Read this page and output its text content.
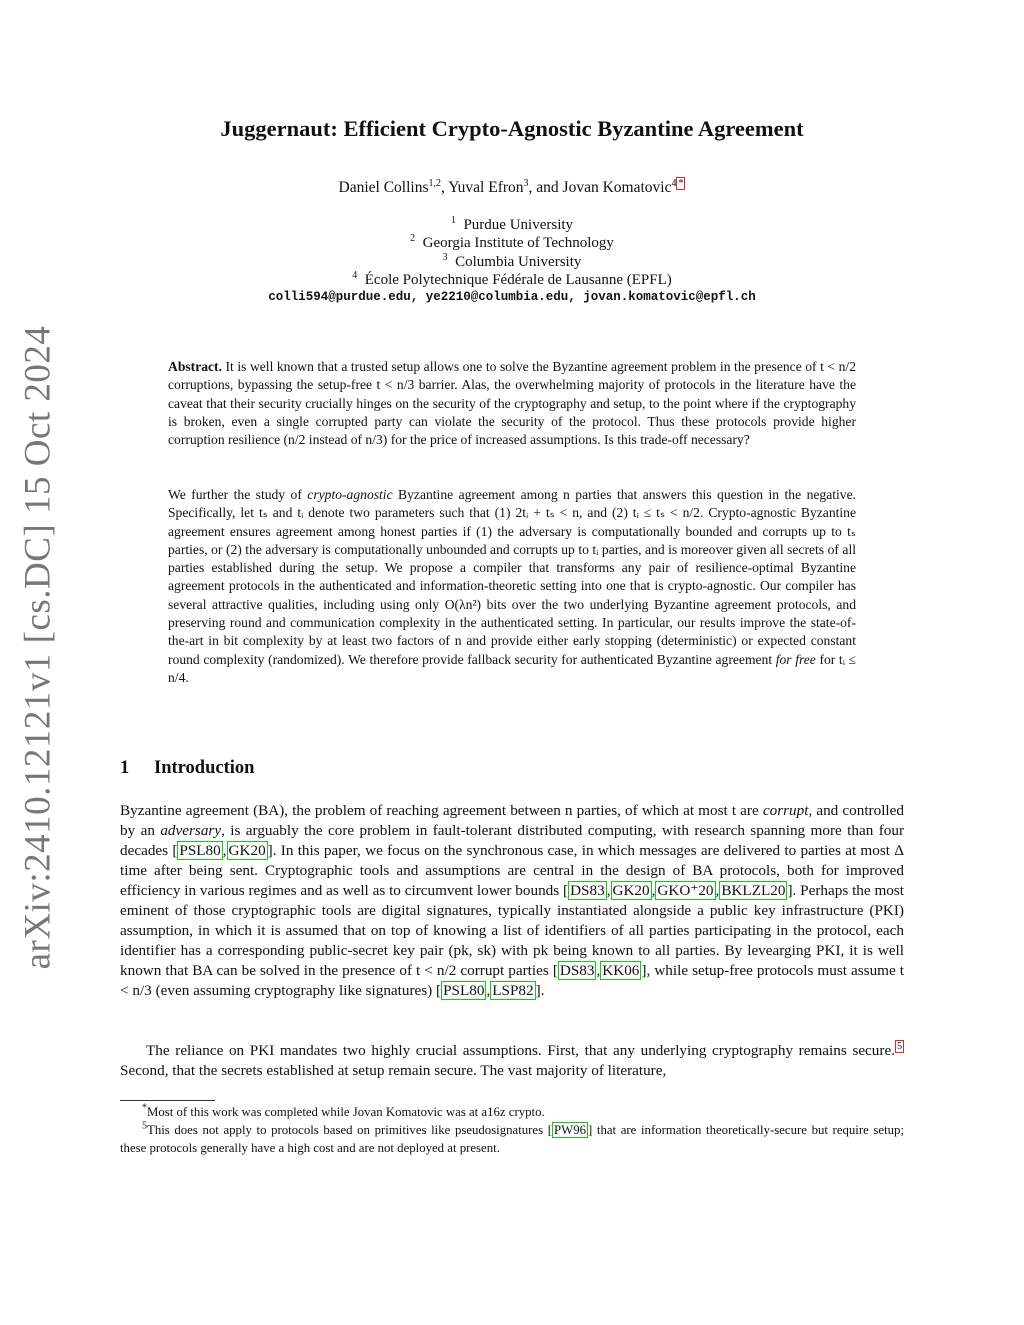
arXiv:2410.12121v1 [cs.DC] 15 Oct 2024
Juggernaut: Efficient Crypto-Agnostic Byzantine Agreement
Daniel Collins$^{1,2}$, Yuval Efron$^3$, and Jovan Komatovic$^{4 *}$
$^1$ Purdue University
$^2$ Georgia Institute of Technology
$^3$ Columbia University
$^4$ École Polytechnique Fédérale de Lausanne (EPFL)
colli594@purdue.edu, ye2210@columbia.edu, jovan.komatovic@epfl.ch

Abstract. It is well known that a trusted setup allows one to solve the Byzantine agreement problem in the presence of t < n/2 corruptions, bypassing the setup-free t < n/3 barrier. Alas, the overwhelming majority of protocols in the literature have the caveat that their security crucially hinges on the security of the cryptography and setup, to the point where if the cryptography is broken, even a single corrupted party can violate the security of the protocol. Thus these protocols provide higher corruption resilience (n/2 instead of n/3) for the price of increased assumptions. Is this trade-off necessary?

We further the study of crypto-agnostic Byzantine agreement among n parties that answers this question in the negative. Specifically, let tₛ and tᵢ denote two parameters such that (1) 2tᵢ + tₛ < n, and (2) tᵢ ≤ tₛ < n/2. Crypto-agnostic Byzantine agreement ensures agreement among honest parties if (1) the adversary is computationally bounded and corrupts up to tₛ parties, or (2) the adversary is computationally unbounded and corrupts up to tᵢ parties, and is moreover given all secrets of all parties established during the setup. We propose a compiler that transforms any pair of resilience-optimal Byzantine agreement protocols in the authenticated and information-theoretic setting into one that is crypto-agnostic. Our compiler has several attractive qualities, including using only O(λn²) bits over the two underlying Byzantine agreement protocols, and preserving round and communication complexity in the authenticated setting. In particular, our results improve the state-of-the-art in bit complexity by at least two factors of n and provide either early stopping (deterministic) or expected constant round complexity (randomized). We therefore provide fallback security for authenticated Byzantine agreement for free for tᵢ ≤ n/4.

1 Introduction

Byzantine agreement (BA), the problem of reaching agreement between n parties, of which at most t are corrupt, and controlled by an adversary, is arguably the core problem in fault-tolerant distributed computing, with research spanning more than four decades [ PSL80 , GK20 ]. In this paper, we focus on the synchronous case, in which messages are delivered to parties at most Δ time after being sent. Cryptographic tools and assumptions are central in the design of BA protocols, both for improved efficiency in various regimes and as well as to circumvent lower bounds [ DS83 , GK20 , GKO⁺20 , BKLZL20 ]. Perhaps the most eminent of those cryptographic tools are digital signatures, typically instantiated alongside a public key infrastructure (PKI) assumption, in which it is assumed that on top of knowing a list of identifiers of all parties participating in the protocol, each identifier has a corresponding public-secret key pair (pk, sk) with pk being known to all parties. By levearging PKI, it is well known that BA can be solved in the presence of t < n/2 corrupt parties [ DS83 , KK06 ], while setup-free protocols must assume t < n/3 (even assuming cryptography like signatures) [ PSL80 , LSP82 ].

The reliance on PKI mandates two highly crucial assumptions. First, that any underlying cryptography remains secure. $^5$ Second, that the secrets established at setup remain secure. The vast majority of literature,

*Most of this work was completed while Jovan Komatovic was at a16z crypto.

$^5$This does not apply to protocols based on primitives like pseudosignatures [ PW96 ] that are information theoretically-secure but require setup; these protocols generally have a high cost and are not deployed at present.
